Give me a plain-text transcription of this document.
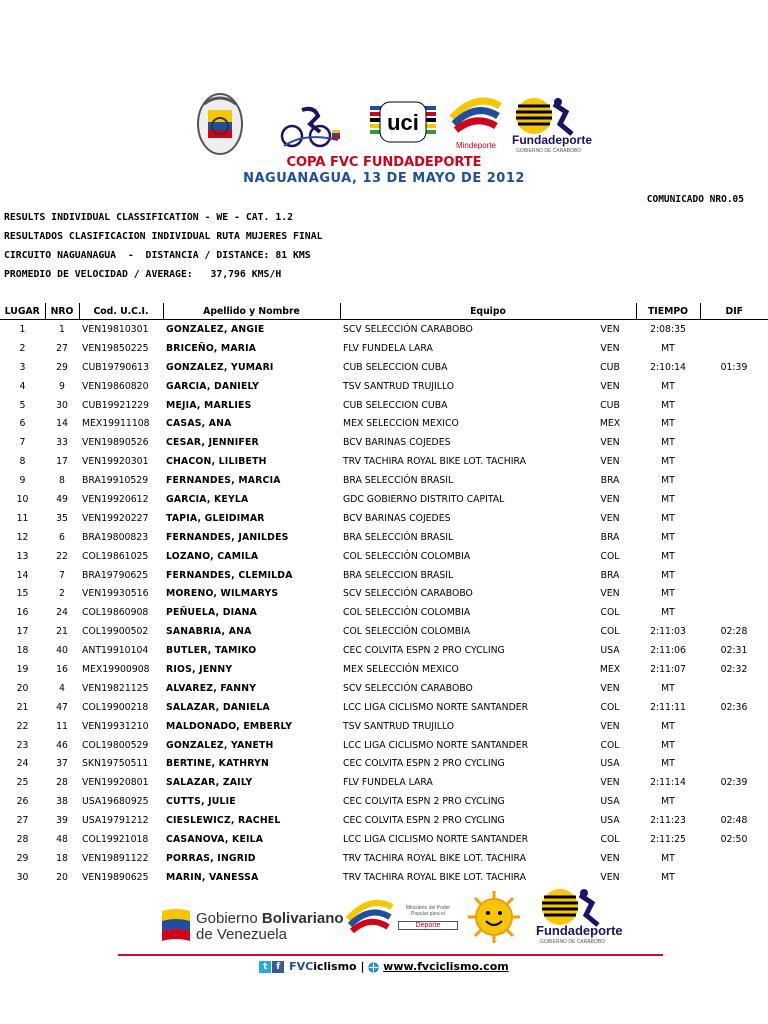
uci
Mindeporte Fundadeporte
GOBIERNO DE CARABOBO
COPA FVC FUNDADEPORTE
NAGUANAGUA, 13 DE MAYO DE 2012
COMUNICADO NRO.05
RESULTS INDIVIDUAL CLASSIFICATION - WE - CAT. 1.2
RESULTADOS CLASIFICACION INDIVIDUAL RUTA MUJERES FINAL
CIRCUITO NAGUANAGUA  -  DISTANCIA / DISTANCE: 81 KMS
PROMEDIO DE VELOCIDAD / AVERAGE:   37,796 KMS/H
LUGAR	NRO	Cod. U.C.I.	Apellido y Nombre	Equipo		TIEMPO	DIF
1	1	VEN19810301	GONZALEZ, ANGIE	SCV SELECCIÓN CARABOBO	VEN	2:08:35	
2	27	VEN19850225	BRICEÑO, MARIA	FLV FUNDELA LARA	VEN	MT	
3	29	CUB19790613	GONZALEZ, YUMARI	CUB SELECCION CUBA	CUB	2:10:14	01:39
4	9	VEN19860820	GARCIA, DANIELY	TSV SANTRUD TRUJILLO	VEN	MT	
5	30	CUB19921229	MEJIA, MARLIES	CUB SELECCION CUBA	CUB	MT	
6	14	MEX19911108	CASAS, ANA	MEX SELECCION MEXICO	MEX	MT	
7	33	VEN19890526	CESAR, JENNIFER	BCV BARINAS COJEDES	VEN	MT	
8	17	VEN19920301	CHACON, LILIBETH	TRV TACHIRA ROYAL BIKE LOT. TACHIRA	VEN	MT	
9	8	BRA19910529	FERNANDES, MARCIA	BRA SELECCIÓN BRASIL	BRA	MT	
10	49	VEN19920612	GARCIA, KEYLA	GDC GOBIERNO DISTRITO CAPITAL	VEN	MT	
11	35	VEN19920227	TAPIA, GLEIDIMAR	BCV BARINAS COJEDES	VEN	MT	
12	6	BRA19800823	FERNANDES, JANILDES	BRA SELECCIÓN BRASIL	BRA	MT	
13	22	COL19861025	LOZANO, CAMILA	COL SELECCIÓN COLOMBIA	COL	MT	
14	7	BRA19790625	FERNANDES, CLEMILDA	BRA SELECCION BRASIL	BRA	MT	
15	2	VEN19930516	MORENO, WILMARYS	SCV SELECCIÓN CARABOBO	VEN	MT	
16	24	COL19860908	PEÑUELA, DIANA	COL SELECCIÓN COLOMBIA	COL	MT	
17	21	COL19900502	SANABRIA, ANA	COL SELECCIÓN COLOMBIA	COL	2:11:03	02:28
18	40	ANT19910104	BUTLER, TAMIKO	CEC COLVITA ESPN 2 PRO CYCLING	USA	2:11:06	02:31
19	16	MEX19900908	RIOS, JENNY	MEX SELECCIÓN MEXICO	MEX	2:11:07	02:32
20	4	VEN19821125	ALVAREZ, FANNY	SCV SELECCIÓN CARABOBO	VEN	MT	
21	47	COL19900218	SALAZAR, DANIELA	LCC LIGA CICLISMO NORTE SANTANDER	COL	2:11:11	02:36
22	11	VEN19931210	MALDONADO, EMBERLY	TSV SANTRUD TRUJILLO	VEN	MT	
23	46	COL19800529	GONZALEZ, YANETH	LCC LIGA CICLISMO NORTE SANTANDER	COL	MT	
24	37	SKN19750511	BERTINE, KATHRYN	CEC COLVITA ESPN 2 PRO CYCLING	USA	MT	
25	28	VEN19920801	SALAZAR, ZAILY	FLV FUNDELA LARA	VEN	2:11:14	02:39
26	38	USA19680925	CUTTS, JULIE	CEC COLVITA ESPN 2 PRO CYCLING	USA	MT	
27	39	USA19791212	CIESLEWICZ, RACHEL	CEC COLVITA ESPN 2 PRO CYCLING	USA	2:11:23	02:48
28	48	COL19921018	CASANOVA, KEILA	LCC LIGA CICLISMO NORTE SANTANDER	COL	2:11:25	02:50
29	18	VEN19891122	PORRAS, INGRID	TRV TACHIRA ROYAL BIKE LOT. TACHIRA	VEN	MT	
30	20	VEN19890625	MARIN, VANESSA	TRV TACHIRA ROYAL BIKE LOT. TACHIRA	VEN	MT	
Gobierno Bolivariano
de Venezuela
Ministerio del Poder Popular para el
Deporte	Fundadeporte
GOBIERNO DE CARABOBO
t f FVCiclismo | www.fvciclismo.com
